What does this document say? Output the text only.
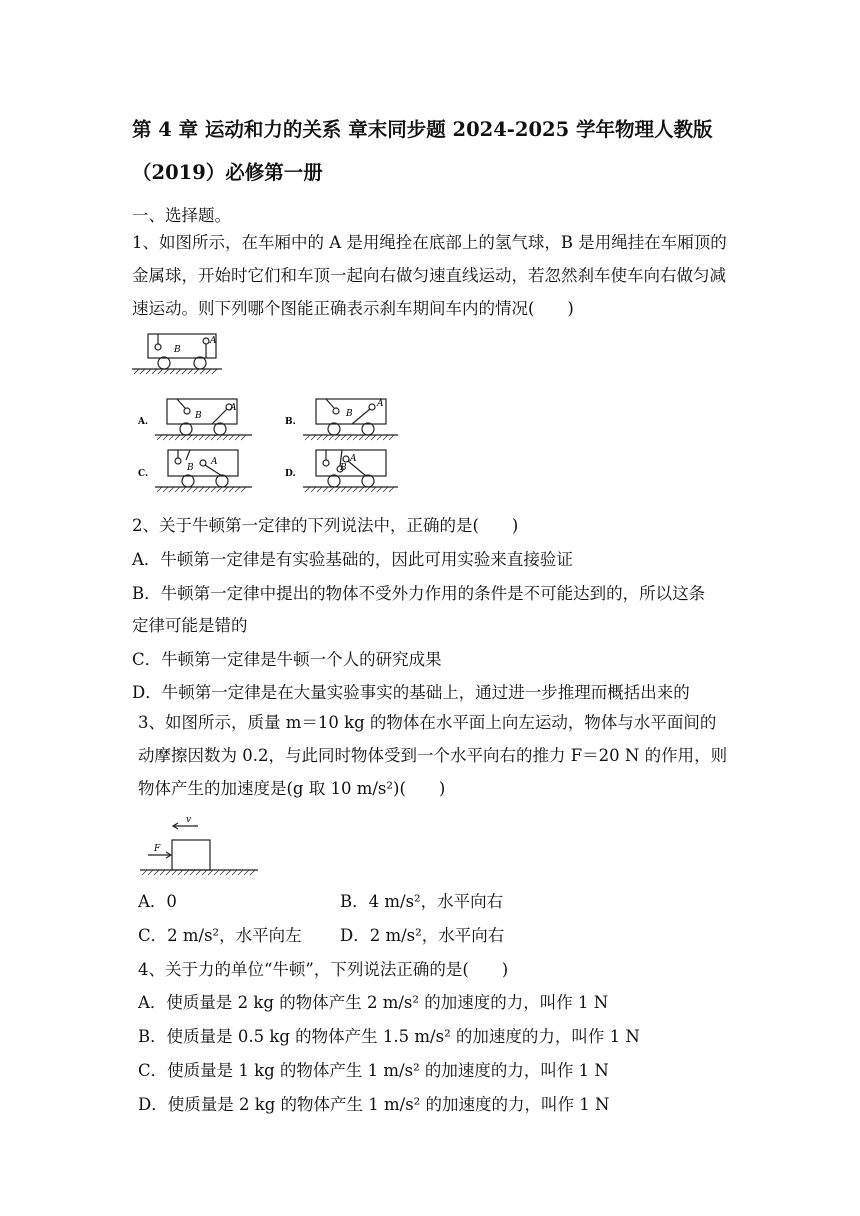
第 4 章 运动和力的关系 章末同步题 2024-2025 学年物理人教版（2019）必修第一册
一、选择题。
1、如图所示，在车厢中的 A 是用绳拴在底部上的氢气球，B 是用绳挂在车厢顶的金属球，开始时它们和车顶一起向右做匀速直线运动，若忽然刹车使车向右做匀减速运动。则下列哪个图能正确表示刹车期间车内的情况(　　)
B
A
B
A
A.
B
A
B.
B
A
C.
B
A
D.
v
F
2、关于牛顿第一定律的下列说法中，正确的是(　　)
A．牛顿第一定律是有实验基础的，因此可用实验来直接验证
B．牛顿第一定律中提出的物体不受外力作用的条件是不可能达到的，所以这条
定律可能是错的
C．牛顿第一定律是牛顿一个人的研究成果
D．牛顿第一定律是在大量实验事实的基础上，通过进一步推理而概括出来的
3、如图所示，质量 m＝10 kg 的物体在水平面上向左运动，物体与水平面间的动摩擦因数为 0.2，与此同时物体受到一个水平向右的推力 F＝20 N 的作用，则物体产生的加速度是(g 取 10 m/s²)(　　)
A．0	B．4 m/s²，水平向右
C．2 m/s²，水平向左 D．2 m/s²，水平向右
4、关于力的单位“牛顿”，下列说法正确的是(　　)
A．使质量是 2 kg 的物体产生 2 m/s² 的加速度的力，叫作 1 N
B．使质量是 0.5 kg 的物体产生 1.5 m/s² 的加速度的力，叫作 1 N
C．使质量是 1 kg 的物体产生 1 m/s² 的加速度的力，叫作 1 N
D．使质量是 2 kg 的物体产生 1 m/s² 的加速度的力，叫作 1 N
